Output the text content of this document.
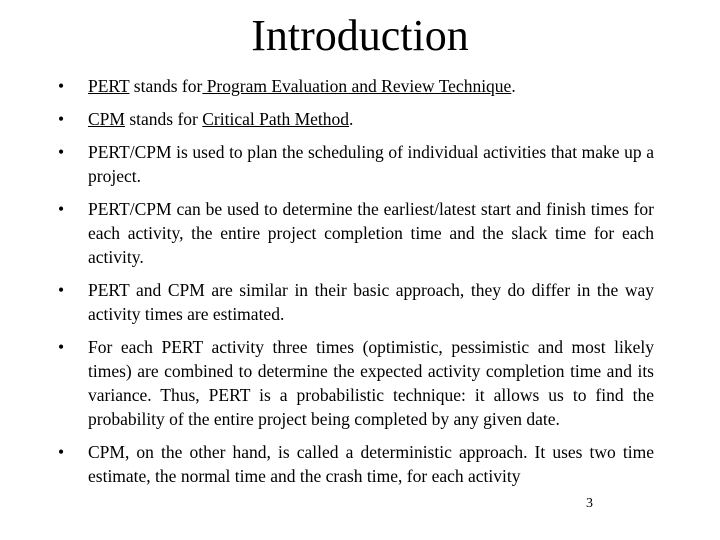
Introduction
• PERT stands for Program Evaluation and Review Technique.
• CPM stands for Critical Path Method.
• PERT/CPM is used to plan the scheduling of individual activities that make up a project.
• PERT/CPM can be used to determine the earliest/latest start and finish times for each activity, the entire project completion time and the slack time for each activity.
• PERT and CPM are similar in their basic approach, they do differ in the way activity times are estimated.
• For each PERT activity three times (optimistic, pessimistic and most likely times) are combined to determine the expected activity completion time and its variance. Thus, PERT is a probabilistic technique: it allows us to find the probability of the entire project being completed by any given date.
• CPM, on the other hand, is called a deterministic approach. It uses two time estimate, the normal time and the crash time, for each activity
3
